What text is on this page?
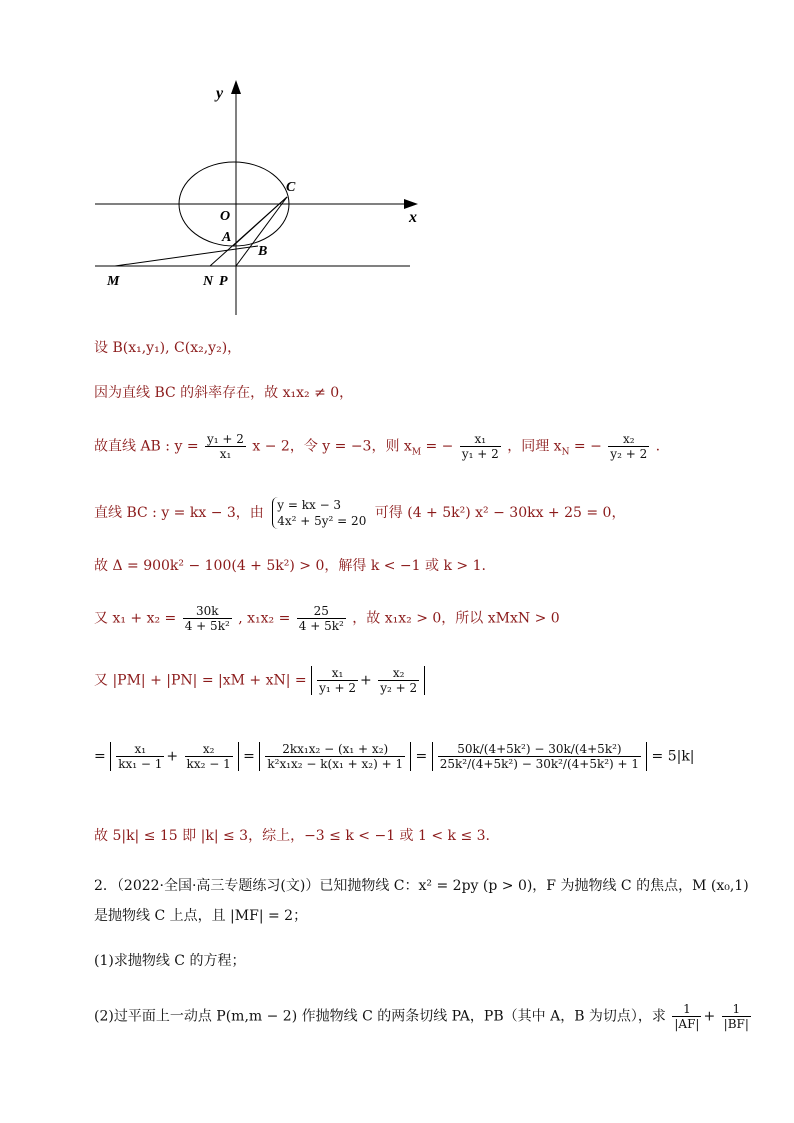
y
x
O
C
A
B
M	N P
设 B(x₁,y₁), C(x₂,y₂)，
因为直线 BC 的斜率存在，故 x₁x₂ ≠ 0，
故直线 AB : $y = \frac{\text{y₁ + 2}}{\text{x₁}}$ x − 2，令 y = −3，则 $x_M$ = − $\frac{\text{x₁}}{\text{y₁ + 2}}$ ，同理 $x_N$ = − $\frac{\text{x₂}}{\text{y₂ + 2}}$ .
直线 BC : y = kx − 3，由 y = kx − 3
4x² + 5y² = 20 可得 (4 + 5k²) x² − 30kx + 25 = 0，
故 Δ = 900k² − 100(4 + 5k²) > 0，解得 k < −1 或 k > 1.
又 $x_1 + x_2 = \frac{30k}{\text{4 + 5k²}}$ , $x_1x_2 = \frac{25}{\text{4 + 5k²}}$ ，故 x₁x₂ > 0，所以 xMxN > 0
又 $|PM| + |PN| = |xM + xN| = \frac{\text{x₁}}{\text{y₁ + 2}} + \frac{\text{x₂}}{\text{y₂ + 2}}$
= $\frac{\text{x₁}}{\text{kx₁ − 1}} + \frac{\text{x₂}}{\text{kx₂ − 1}} = \frac{\text{2kx₁x₂ − (x₁ + x₂)}}{\text{k²x₁x₂ − k(x₁ + x₂) + 1}} = \frac{\text{50k/(4+5k²) − 30k/(4+5k²)}}{\text{25k²/(4+5k²) − 30k²/(4+5k²) + 1}} = 5|k|$
故 5|k| ≤ 15 即 |k| ≤ 3，综上，−3 ≤ k < −1 或 1 < k ≤ 3.
2．（2022·全国·高三专题练习(文)）已知抛物线 C：x² = 2py (p > 0)，F 为抛物线 C 的焦点，M (x₀,1)
是抛物线 C 上点，且 |MF| = 2；
(1)求抛物线 C 的方程；
(2)过平面上一动点 P(m,m − 2) 作抛物线 C 的两条切线 PA，PB（其中 A，B 为切点），求 $\frac{1}{|AF|} + \frac{1}{|BF|}$
